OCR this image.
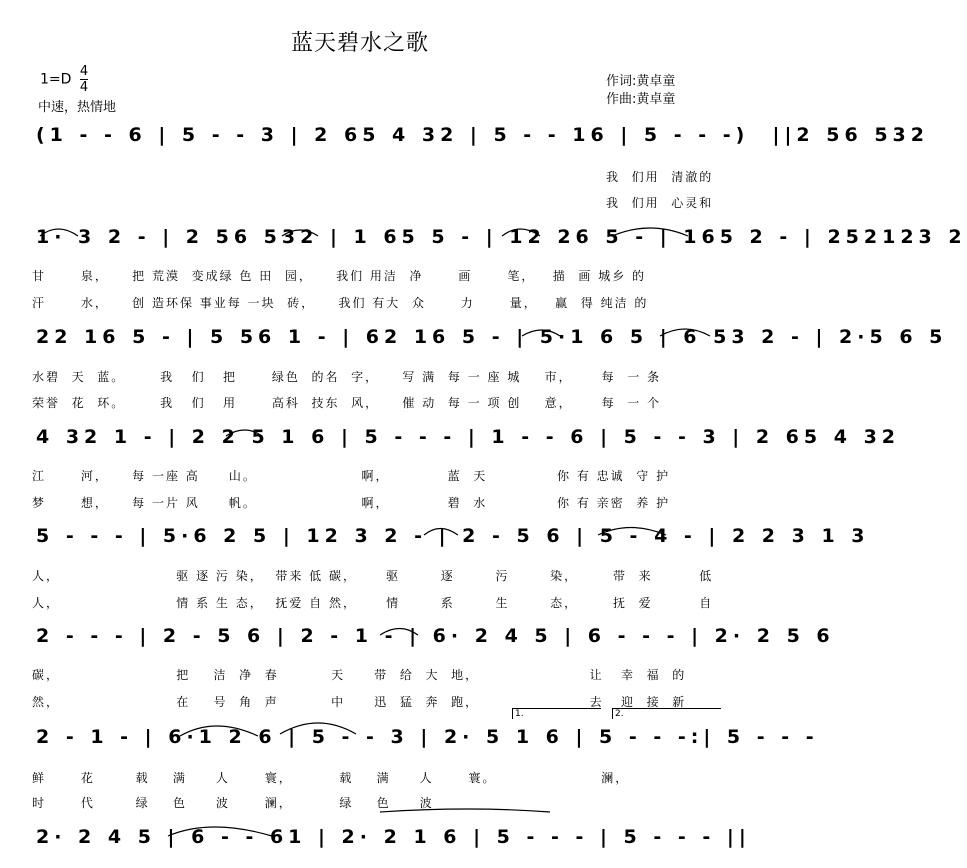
蓝天碧水之歌
$1=D \frac{4}{4}$
中速，热情地
作词:黄卓童
作曲:黄卓童
(1 - - 6 | 5 - - 3 | 2 65 4 32 | 5 - - 16 | 5 - - -)  ||2 56 532
我  们用  清澈的
我  们用  心灵和
1· 3 2 - | 2 56 532 | 1 65 5 - | 12 26 5 - | 165 2 - | 252123 2
甘      泉，    把 荒漠  变成绿 色 田  园，    我们 用洁  净      画      笔，   描  画 城乡 的
汗      水，    创 造环保 事业每 一块  砖，    我们 有大  众      力      量，   赢  得 纯洁 的
22 16 5 - | 5 56 1 - | 62 16 5 - | 5·1 6 5 | 6 53 2 - | 2·5 6 5
水碧  天  蓝。      我   们   把      绿色  的名  字，    写 满  每 一 座 城    市，     每  一 条
荣誉  花  环。      我   们   用      高科  技东  风，    催 动  每 一 项 创    意，     每  一 个
4 32 1 - | 2 2 5 1 6 | 5 - - - | 1 - - 6 | 5 - - 3 | 2 65 4 32
江      河，    每 一座 高     山。                  啊，          蓝  天            你 有 忠诚  守 护
梦      想，    每 一片 风     帆。                  啊，          碧  水            你 有 亲密  养 护
5 - - - | 5·6 2 5 | 12 3 2 - | 2 - 5 6 | 5 - 4 - | 2 2 3 1 3
人，                    驱 逐 污 染，  带来 低 碳，     驱       逐       污       染，      带  来        低
人，                    情 系 生 态，  抚爱 自 然，     情       系       生       态，      抚  爱        自
2 - - - | 2 - 5 6 | 2 - 1 - | 6· 2 4 5 | 6 - - - | 2· 2 5 6
碳，                    把    洁  净  春         天     带  给  大  地，                   让   幸  福  的
然，                    在    号  角  声         中     迅  猛  奔  跑，                   去   迎  接  新
1.	2.
2 - 1 - | 6·1 2 6 | 5 - - 3 | 2· 5 1 6 | 5 - - -:| 5 - - -
鲜      花       载    满     人      寰，        载    满     人      寰。                  澜，
时      代       绿    色     波      澜，        绿    色     波
2· 2 4 5 | 6 - - 61 | 2· 2 1 6 | 5 - - - | 5 - - - ||
